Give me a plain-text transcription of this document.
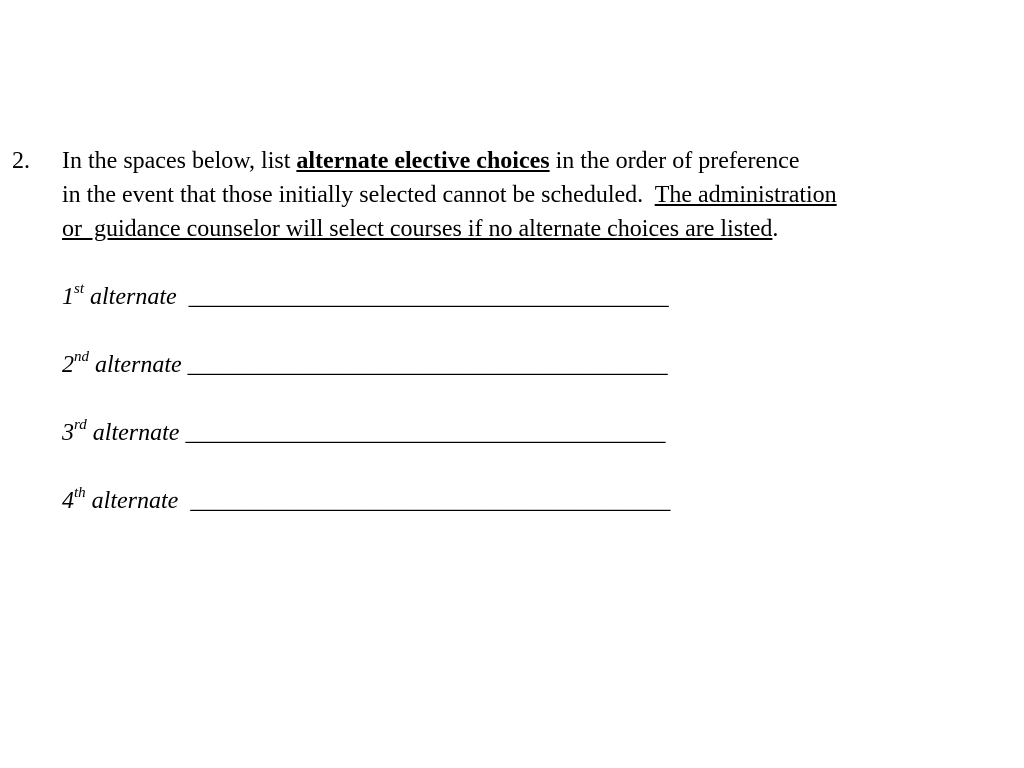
2. In the spaces below, list alternate elective choices in the order of preference
in the event that those initially selected cannot be scheduled.  The administration
or  guidance counselor will select courses if no alternate choices are listed.
1st alternate  ________________________________________
2nd alternate ________________________________________
3rd alternate ________________________________________
4th alternate  ________________________________________
